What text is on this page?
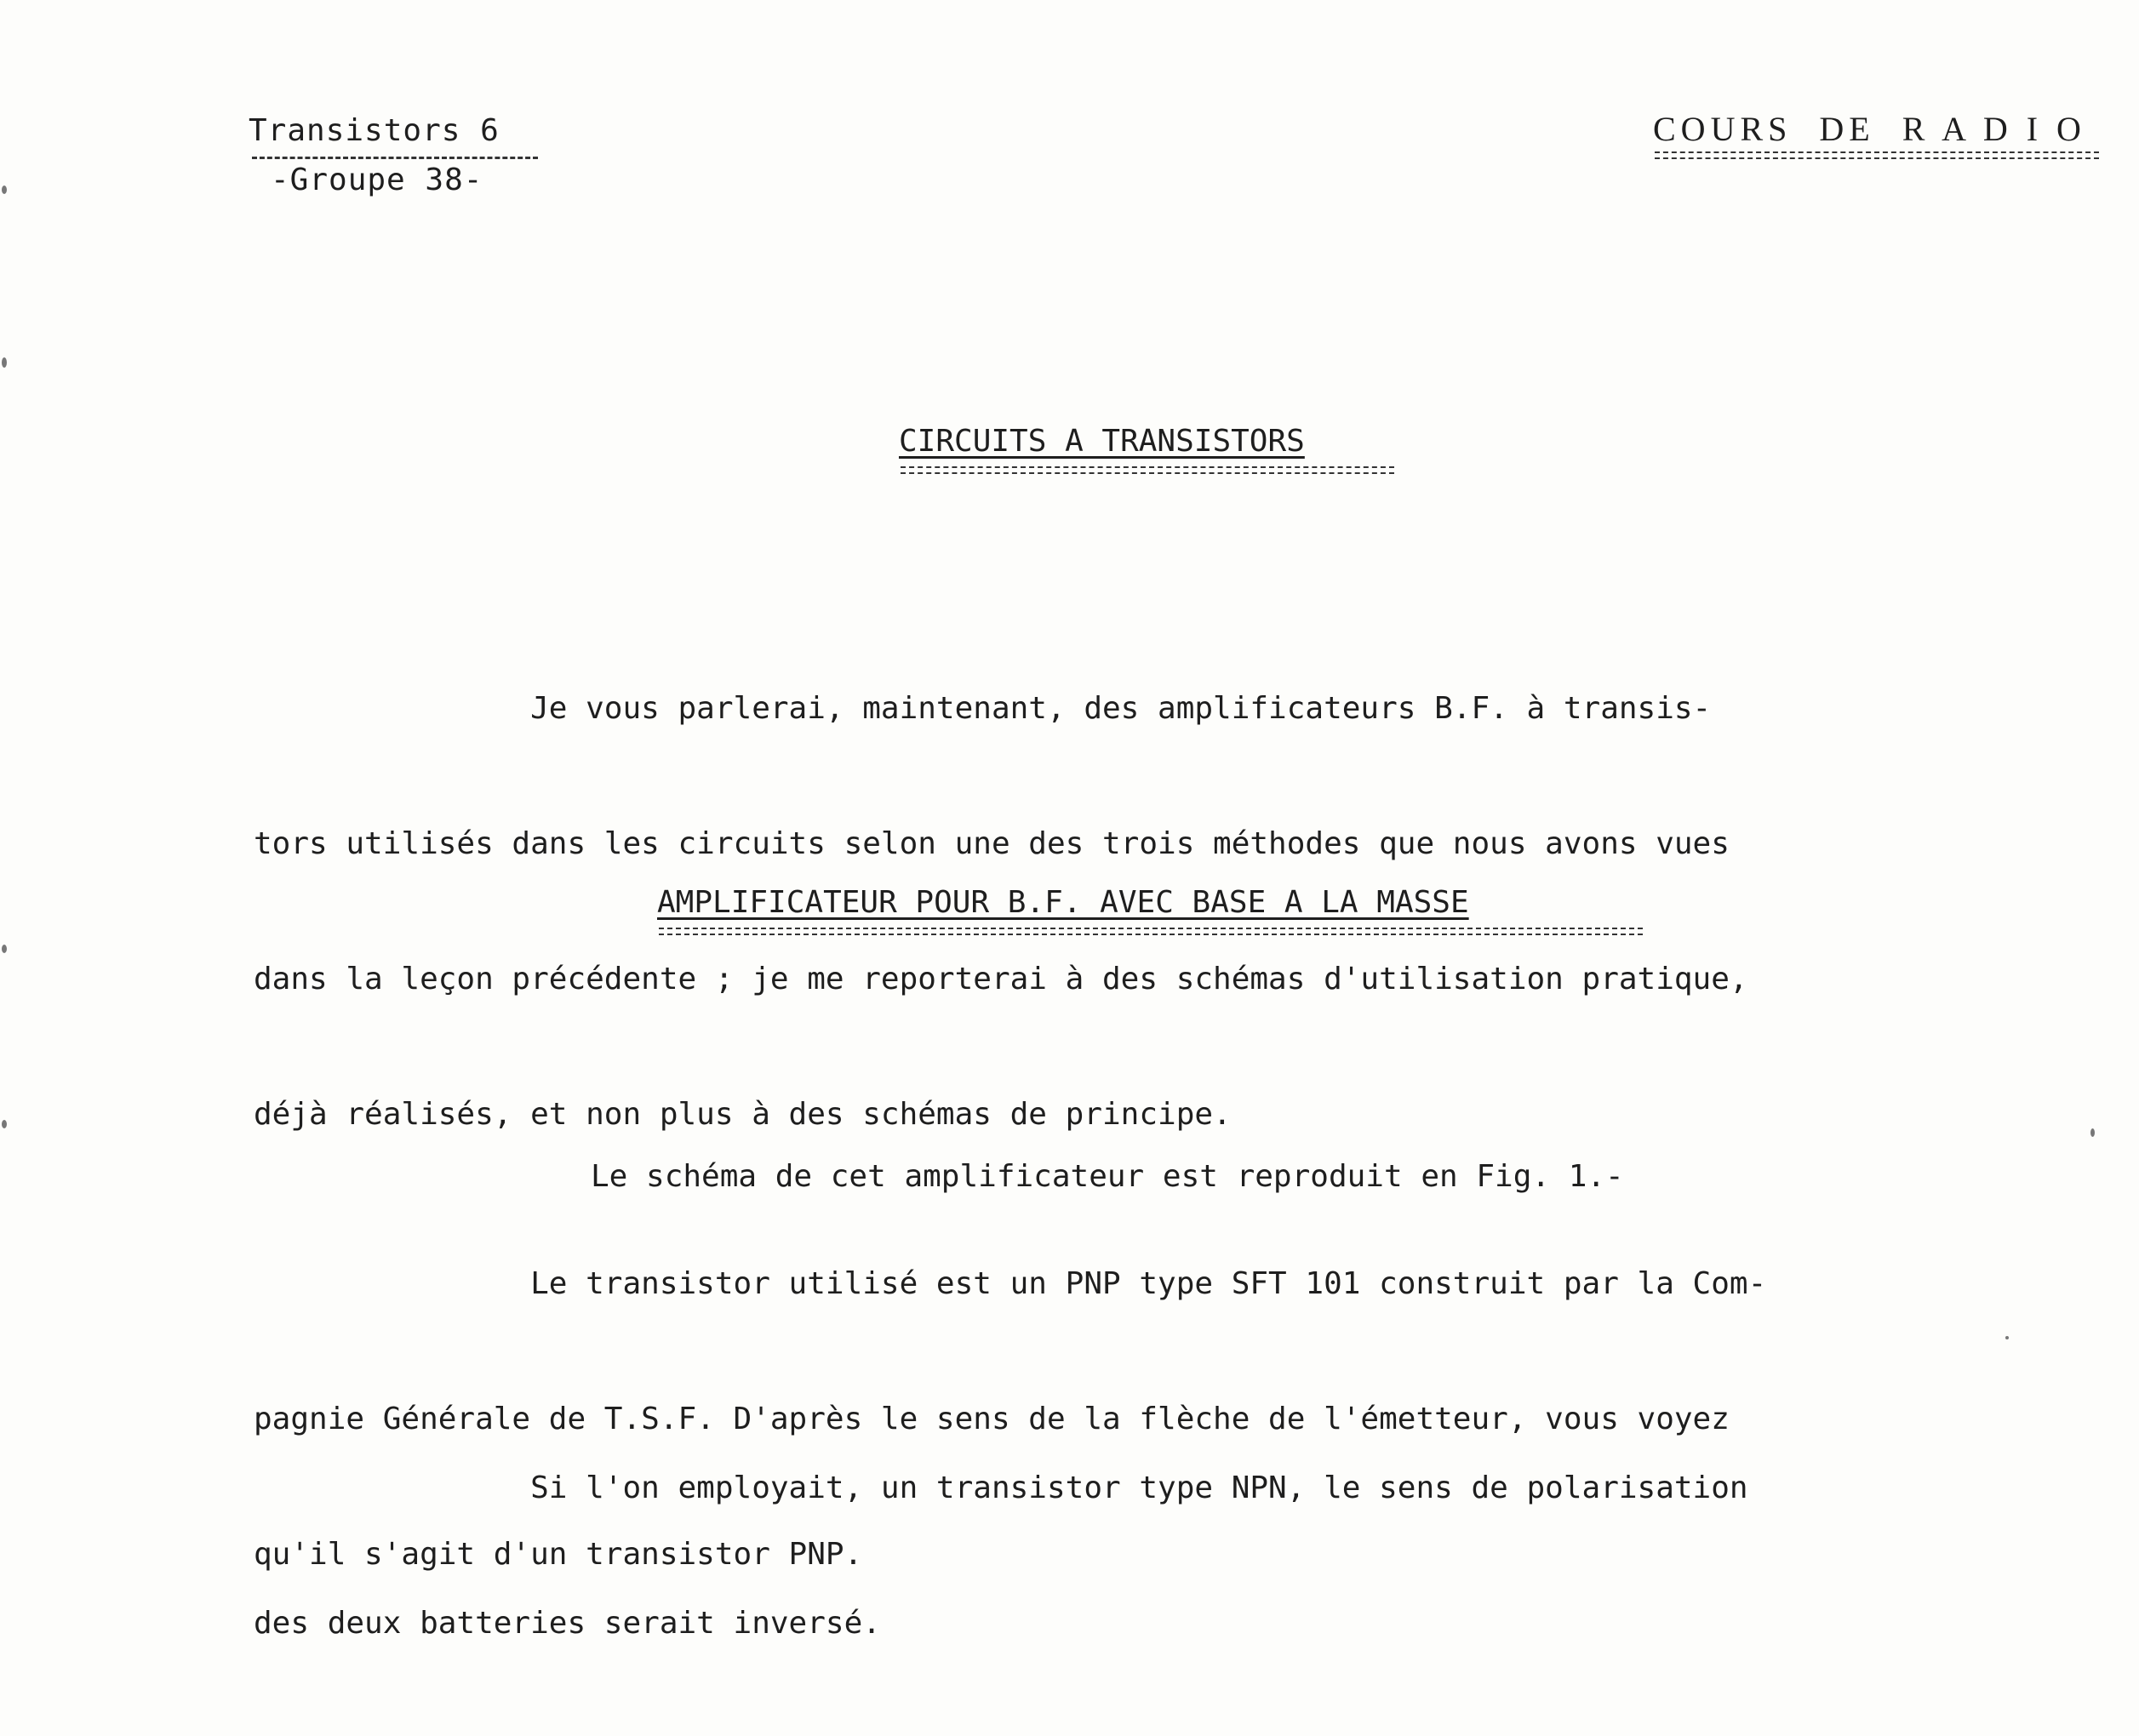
Transistors 6

-Groupe 38-

COURS  DE  R A D I O

CIRCUITS A TRANSISTORS

Je vous parlerai, maintenant, des amplificateurs B.F. à transis-

tors utilisés dans les circuits selon une des trois méthodes que nous avons vues

dans la leçon précédente ; je me reporterai à des schémas d'utilisation pratique,

déjà réalisés, et non plus à des schémas de principe.

AMPLIFICATEUR POUR B.F. AVEC BASE A LA MASSE

Le schéma de cet amplificateur est reproduit en Fig. 1.-

Le transistor utilisé est un PNP type SFT 101 construit par la Com-

pagnie Générale de T.S.F. D'après le sens de la flèche de l'émetteur, vous voyez

qu'il s'agit d'un transistor PNP.

Si l'on employait, un transistor type NPN, le sens de polarisation

des deux batteries serait inversé.
